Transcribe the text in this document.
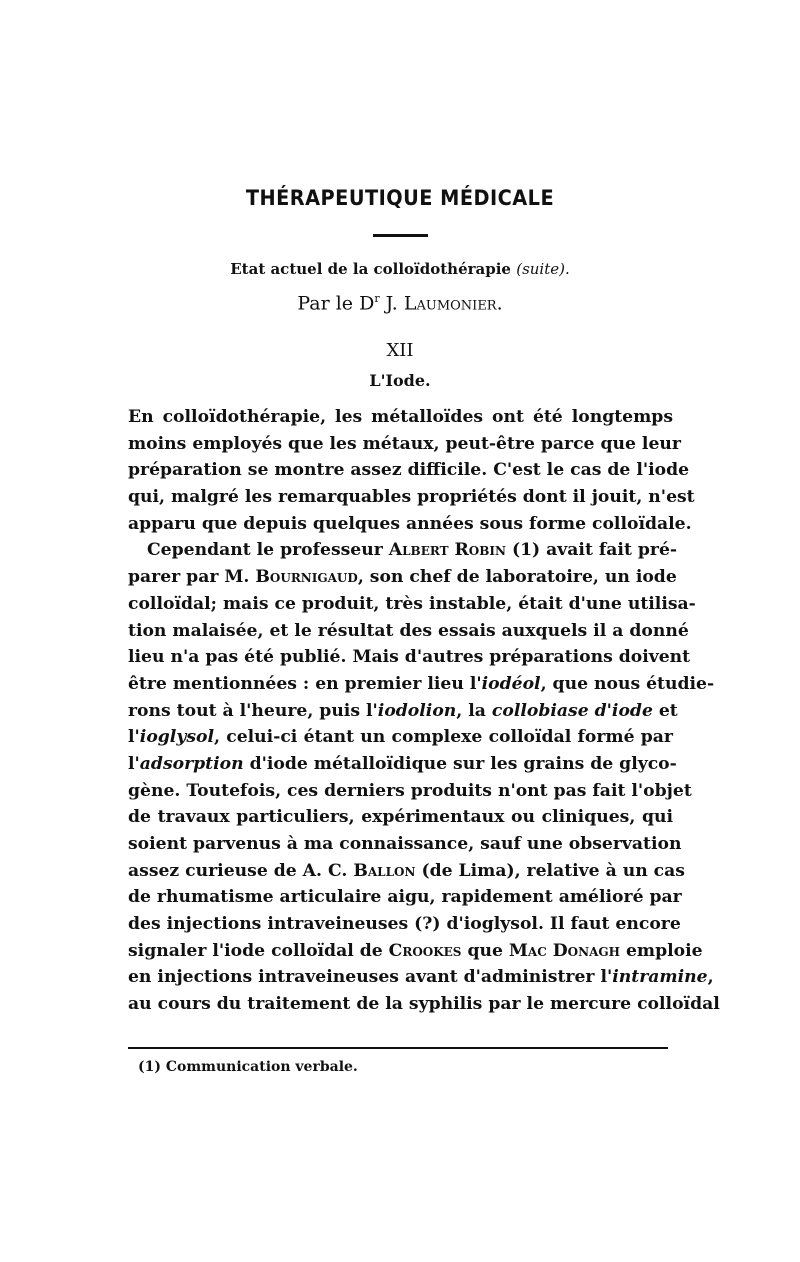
THÉRAPEUTIQUE MÉDICALE
Etat actuel de la colloïdothérapie (suite).
Par le $D^r$ J. Laumonier.
XII
L'Iode.
En colloïdothérapie, les métalloïdes ont été longtemps
moins employés que les métaux, peut-être parce que leur
préparation se montre assez difficile. C'est le cas de l'iode
qui, malgré les remarquables propriétés dont il jouit, n'est
apparu que depuis quelques années sous forme colloïdale.
Cependant le professeur Albert Robin (1) avait fait pré-
parer par M. Bournigaud, son chef de laboratoire, un iode
colloïdal; mais ce produit, très instable, était d'une utilisa-
tion malaisée, et le résultat des essais auxquels il a donné
lieu n'a pas été publié. Mais d'autres préparations doivent
être mentionnées : en premier lieu l'iodéol, que nous étudie-
rons tout à l'heure, puis l'iodolion, la collobiase d'iode et
l'ioglysol, celui-ci étant un complexe colloïdal formé par
l'adsorption d'iode métalloïdique sur les grains de glyco-
gène. Toutefois, ces derniers produits n'ont pas fait l'objet
de travaux particuliers, expérimentaux ou cliniques, qui
soient parvenus à ma connaissance, sauf une observation
assez curieuse de A. C. Ballon (de Lima), relative à un cas
de rhumatisme articulaire aigu, rapidement amélioré par
des injections intraveineuses (?) d'ioglysol. Il faut encore
signaler l'iode colloïdal de Crookes que Mac Donagh emploie
en injections intraveineuses avant d'administrer l'intramine,
au cours du traitement de la syphilis par le mercure colloïdal
(1) Communication verbale.
